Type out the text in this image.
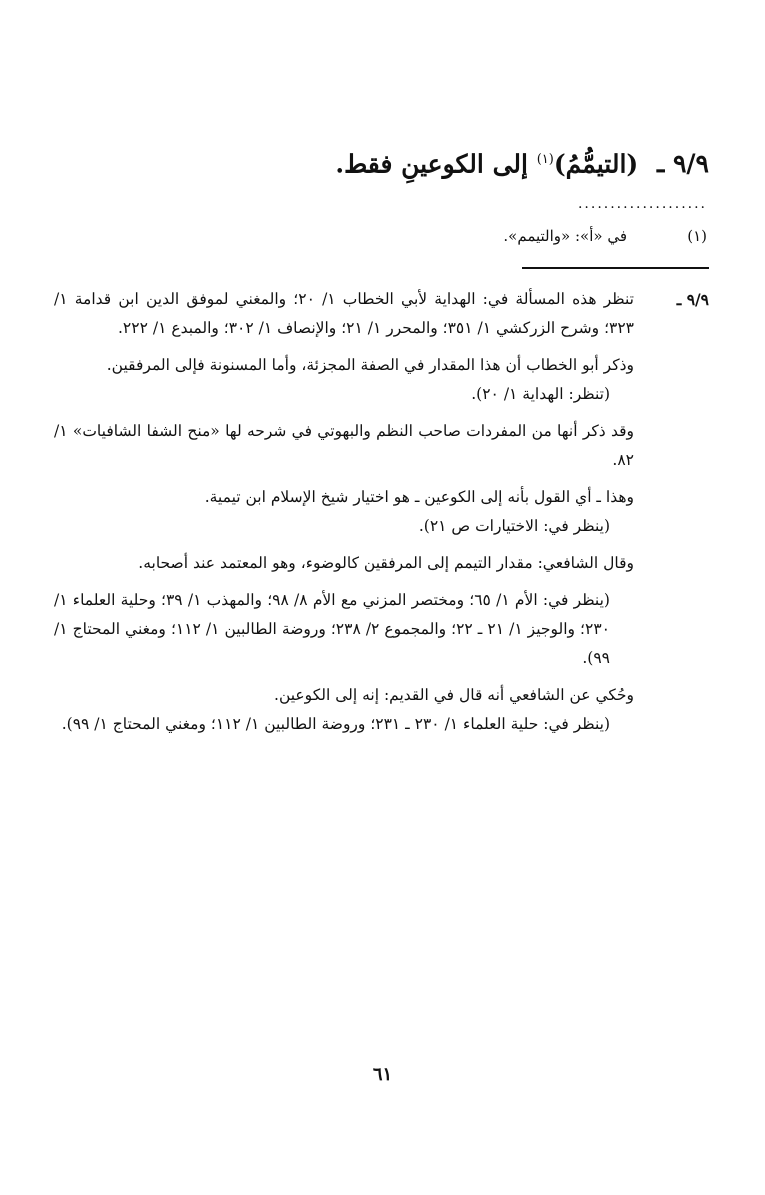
٩/٩ ـ (التيمُّمُ)$^{(١)}$ إلى الكوعينِ فقط.
....................
(١)
في «أ»: «والتيمم».
٩/٩ ـ

تنظر هذه المسألة في: الهداية لأبي الخطاب ١/ ٢٠؛ والمغني لموفق الدين ابن قدامة ١/ ٣٢٣؛ وشرح الزركشي ١/ ٣٥١؛ والمحرر ١/ ٢١؛ والإنصاف ١/ ٣٠٢؛ والمبدع ١/ ٢٢٢.

وذكر أبو الخطاب أن هذا المقدار في الصفة المجزئة، وأما المسنونة فإلى المرفقين.

(تنظر: الهداية ١/ ٢٠).

وقد ذكر أنها من المفردات صاحب النظم والبهوتي في شرحه لها «منح الشفا الشافيات» ١/ ٨٢.

وهذا ـ أي القول بأنه إلى الكوعين ـ هو اختيار شيخ الإسلام ابن تيمية.

(ينظر في: الاختيارات ص ٢١).

وقال الشافعي: مقدار التيمم إلى المرفقين كالوضوء، وهو المعتمد عند أصحابه.

(ينظر في: الأم ١/ ٦٥؛ ومختصر المزني مع الأم ٨/ ٩٨؛ والمهذب ١/ ٣٩؛ وحلية العلماء ١/ ٢٣٠؛ والوجيز ١/ ٢١ ـ ٢٢؛ والمجموع ٢/ ٢٣٨؛ وروضة الطالبين ١/ ١١٢؛ ومغني المحتاج ١/ ٩٩).

وحُكي عن الشافعي أنه قال في القديم: إنه إلى الكوعين.

(ينظر في: حلية العلماء ١/ ٢٣٠ ـ ٢٣١؛ وروضة الطالبين ١/ ١١٢؛ ومغني المحتاج ١/ ٩٩).

٦١
